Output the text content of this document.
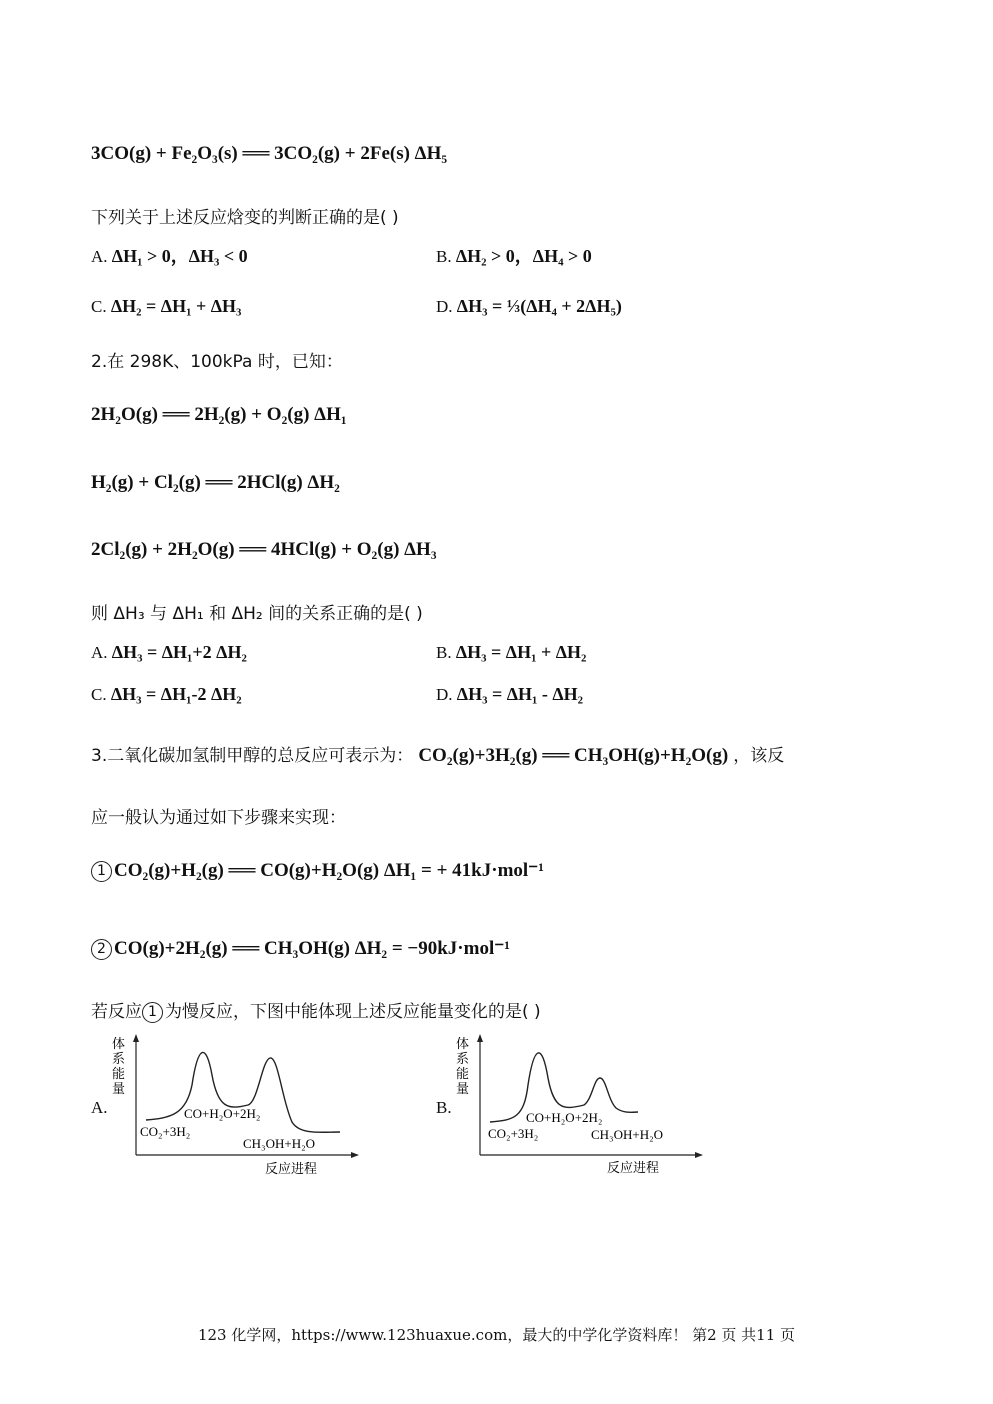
3CO(g) + Fe₂O₃(s) ══ 3CO₂(g) + 2Fe(s) ΔH₅
下列关于上述反应焓变的判断正确的是( )
A. ΔH₁ > 0，ΔH₃ < 0	B. ΔH₂ > 0，ΔH₄ > 0
C. ΔH₂ = ΔH₁ + ΔH₃	D. ΔH₃ = ⅓(ΔH₄ + 2ΔH₅)
2.在 298K、100kPa 时，已知：
2H₂O(g) ══ 2H₂(g) + O₂(g) ΔH₁
H₂(g) + Cl₂(g) ══ 2HCl(g) ΔH₂
2Cl₂(g) + 2H₂O(g) ══ 4HCl(g) + O₂(g) ΔH₃
则 ΔH₃ 与 ΔH₁ 和 ΔH₂ 间的关系正确的是( )
A. ΔH₃ = ΔH₁+2 ΔH₂	B. ΔH₃ = ΔH₁ + ΔH₂
C. ΔH₃ = ΔH₁-2 ΔH₂	D. ΔH₃ = ΔH₁ - ΔH₂
3.二氧化碳加氢制甲醇的总反应可表示为： CO₂(g)+3H₂(g) ══ CH₃OH(g)+H₂O(g) ，该反
应一般认为通过如下步骤来实现：
1 CO₂(g)+H₂(g) ══ CO(g)+H₂O(g) ΔH₁ = + 41kJ·mol⁻¹
2 CO(g)+2H₂(g) ══ CH₃OH(g) ΔH₂ = −90kJ·mol⁻¹
若反应 1 为慢反应，下图中能体现上述反应能量变化的是( )
A.
体系能量
CO₂+3H₂
CO+H₂O+2H₂
CH₃OH+H₂O
反应进程
B.
体系能量
CO₂+3H₂
CO+H₂O+2H₂
CH₃OH+H₂O
反应进程
123 化学网，https://www.123huaxue.com，最大的中学化学资料库！ 第2 页 共11 页
